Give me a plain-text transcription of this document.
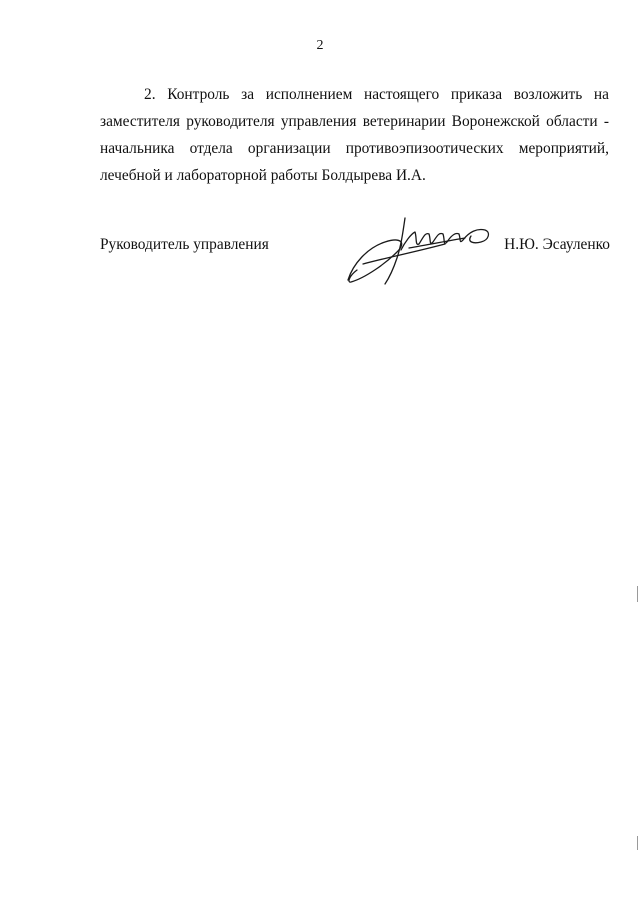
2
2. Контроль за исполнением настоящего приказа возложить на
заместителя руководителя управления ветеринарии Воронежской области -
начальника отдела организации противоэпизоотических мероприятий,
лечебной и лабораторной работы Болдырева И.А.
Руководитель управления	Н.Ю. Эсауленко
